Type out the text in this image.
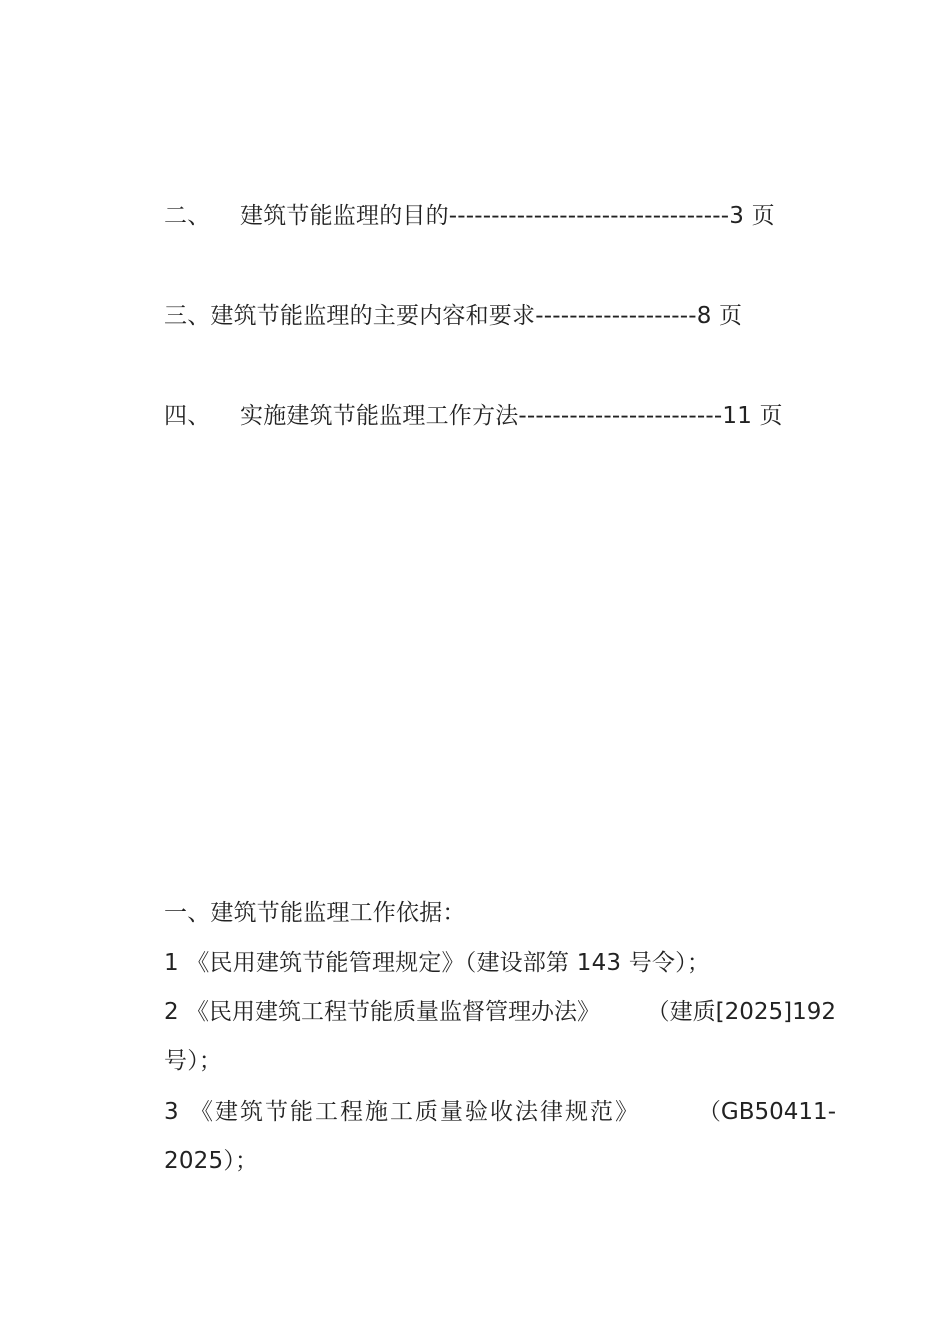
二、 建筑节能监理的目的---------------------------------3 页
三、建筑节能监理的主要内容和要求-------------------8 页
四、 实施建筑节能监理工作方法------------------------11 页
一、建筑节能监理工作依据：
1 《民用建筑节能管理规定》（建设部第 143 号令）；
2 《民用建筑工程节能质量监督管理办法》 （建质[2025]192
号）；
3 《建筑节能工程施工质量验收法律规范》	（GB50411-
2025）；
